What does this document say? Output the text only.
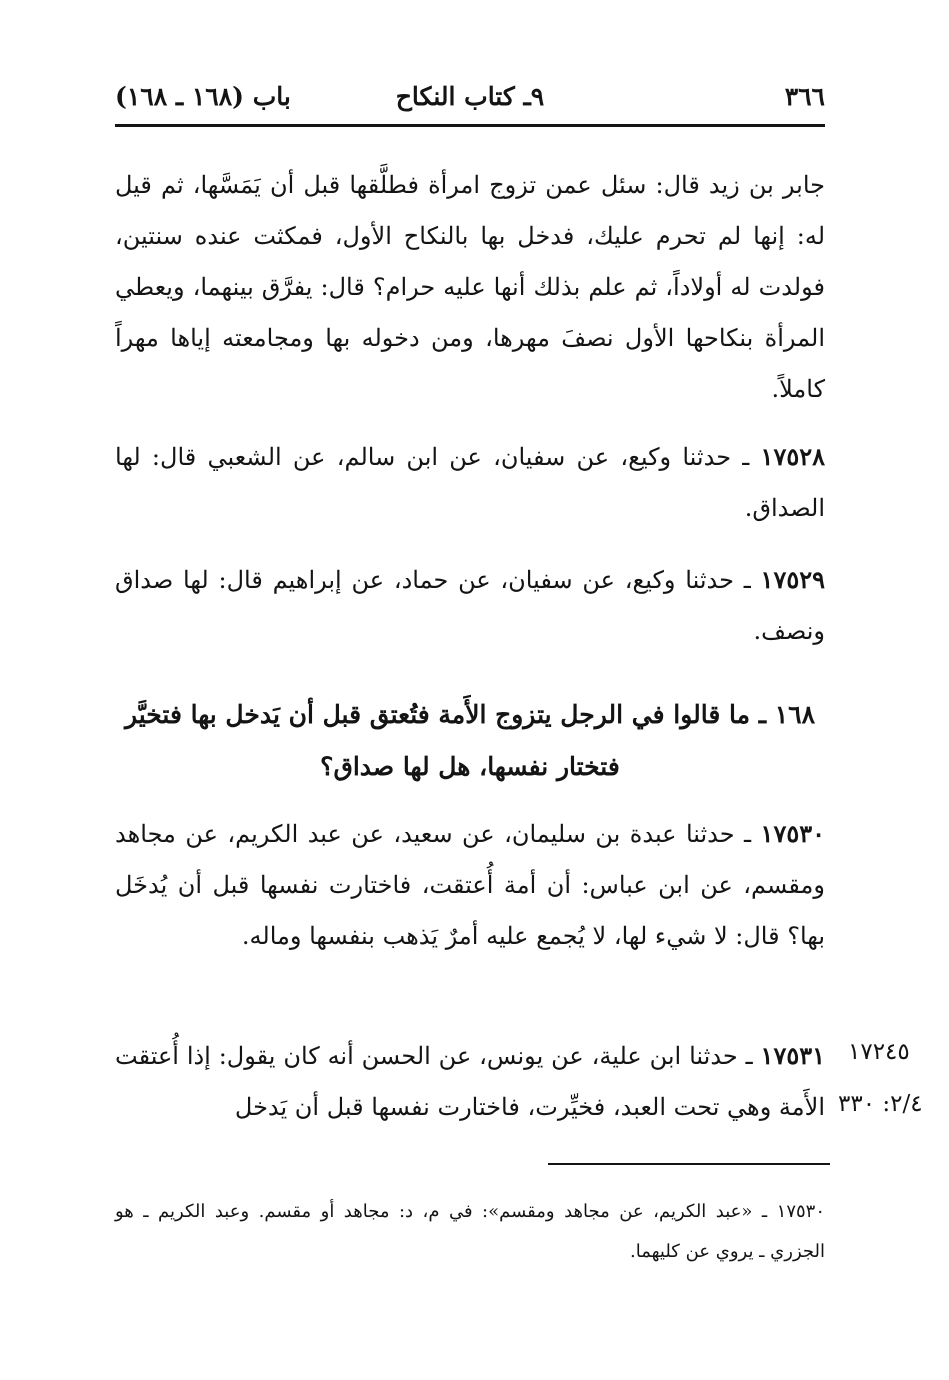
٣٦٦
٩ـ كتاب النكاح
باب (١٦٨ ـ ١٦٨)
جابر بن زيد قال: سئل عمن تزوج امرأة فطلَّقها قبل أن يَمَسَّها، ثم قيل له: إنها لم تحرم عليك، فدخل بها بالنكاح الأول، فمكثت عنده سنتين، فولدت له أولاداً، ثم علم بذلك أنها عليه حرام؟ قال: يفرَّق بينهما، ويعطي المرأة بنكاحها الأول نصفَ مهرها، ومن دخوله بها ومجامعته إياها مهراً كاملاً.
١٧٥٢٨ ـ حدثنا وكيع، عن سفيان، عن ابن سالم، عن الشعبي قال: لها الصداق.
١٧٥٢٩ ـ حدثنا وكيع، عن سفيان، عن حماد، عن إبراهيم قال: لها صداق ونصف.
١٦٨ ـ ما قالوا في الرجل يتزوج الأَمة فتُعتق قبل أن يَدخل بها فتخيَّر فتختار نفسها، هل لها صداق؟
١٧٥٣٠ ـ حدثنا عبدة بن سليمان، عن سعيد، عن عبد الكريم، عن مجاهد ومقسم، عن ابن عباس: أن أمة أُعتقت، فاختارت نفسها قبل أن يُدخَل بها؟ قال: لا شيء لها، لا يُجمع عليه أمرٌ يَذهب بنفسها وماله.
١٧٥٣١ ـ حدثنا ابن علية، عن يونس، عن الحسن أنه كان يقول: إذا أُعتقت الأَمة وهي تحت العبد، فخيِّرت، فاختارت نفسها قبل أن يَدخل
١٧٢٤٥
٢/٤: ٣٣٠
١٧٥٣٠ ـ «عبد الكريم، عن مجاهد ومقسم»: في م، د: مجاهد أو مقسم. وعبد الكريم ـ هو الجزري ـ يروي عن كليهما.
